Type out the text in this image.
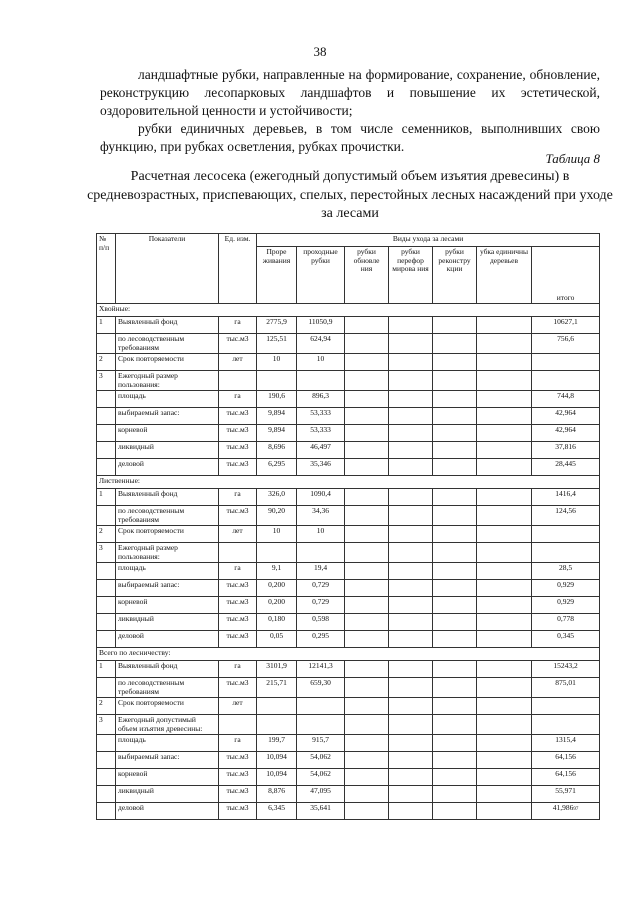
38
ландшафтные рубки, направленные на формирование, сохранение, обновление, реконструкцию лесопарковых ландшафтов и повышение их эстетической, оздоровительной ценности и устойчивости;
рубки единичных деревьев, в том числе семенников, выполнивших свою функцию, при рубках осветления, рубках прочистки.
Таблица 8
Расчетная лесосека (ежегодный допустимый объем изъятия древесины) в средневозрастных, приспевающих, спелых, перестойных лесных насаждений при уходе за лесами
№ п/п	Показатели	Ед. изм.	Виды ухода за лесами						
			Проре живания	проходные рубки	рубки обновле ния	рубки перефор мирова ния	рубки реконстру кции	убка единичны деревьев	итого
Хвойные:									
1	Выявленный фонд	га	2775,9	11050,9					10627,1
	по лесоводственным требованиям	тыс.м3	125,51	624,94					756,6
2	Срок повторяемости	лет	10	10					
3	Ежегодный размер пользования:								
	площадь	га	190,6	896,3					744,8
	выбираемый запас:	тыс.м3	9,894	53,333					42,964
	корневой	тыс.м3	9,894	53,333					42,964
	ликвидный	тыс.м3	8,696	46,497					37,816
	деловой	тыс.м3	6,295	35,346					28,445
Лиственные:									
1	Выявленный фонд	га	326,0	1090,4					1416,4
	по лесоводственным требованиям	тыс.м3	90,20	34,36					124,56
2	Срок повторяемости	лет	10	10					
3	Ежегодный размер пользования:								
	площадь	га	9,1	19,4					28,5
	выбираемый запас:	тыс.м3	0,200	0,729					0,929
	корневой	тыс.м3	0,200	0,729					0,929
	ликвидный	тыс.м3	0,180	0,598					0,778
	деловой	тыс.м3	0,05	0,295					0,345
Всего по лесничеству:									
1	Выявленный фонд	га	3101,9	12141,3					15243,2
	по лесоводственным требованиям	тыс.м3	215,71	659,30					875,01
2	Срок повторяемости	лет							
3	Ежегодный допустимый объем изъятия древесины:								
	площадь	га	199,7	915,7					1315,4
	выбираемый запас:	тыс.м3	10,094	54,062					64,156
	корневой	тыс.м3	10,094	54,062					64,156
	ликвидный	тыс.м3	8,876	47,095					55,971
	деловой	тыс.м3	6,345	35,641					41,98697
